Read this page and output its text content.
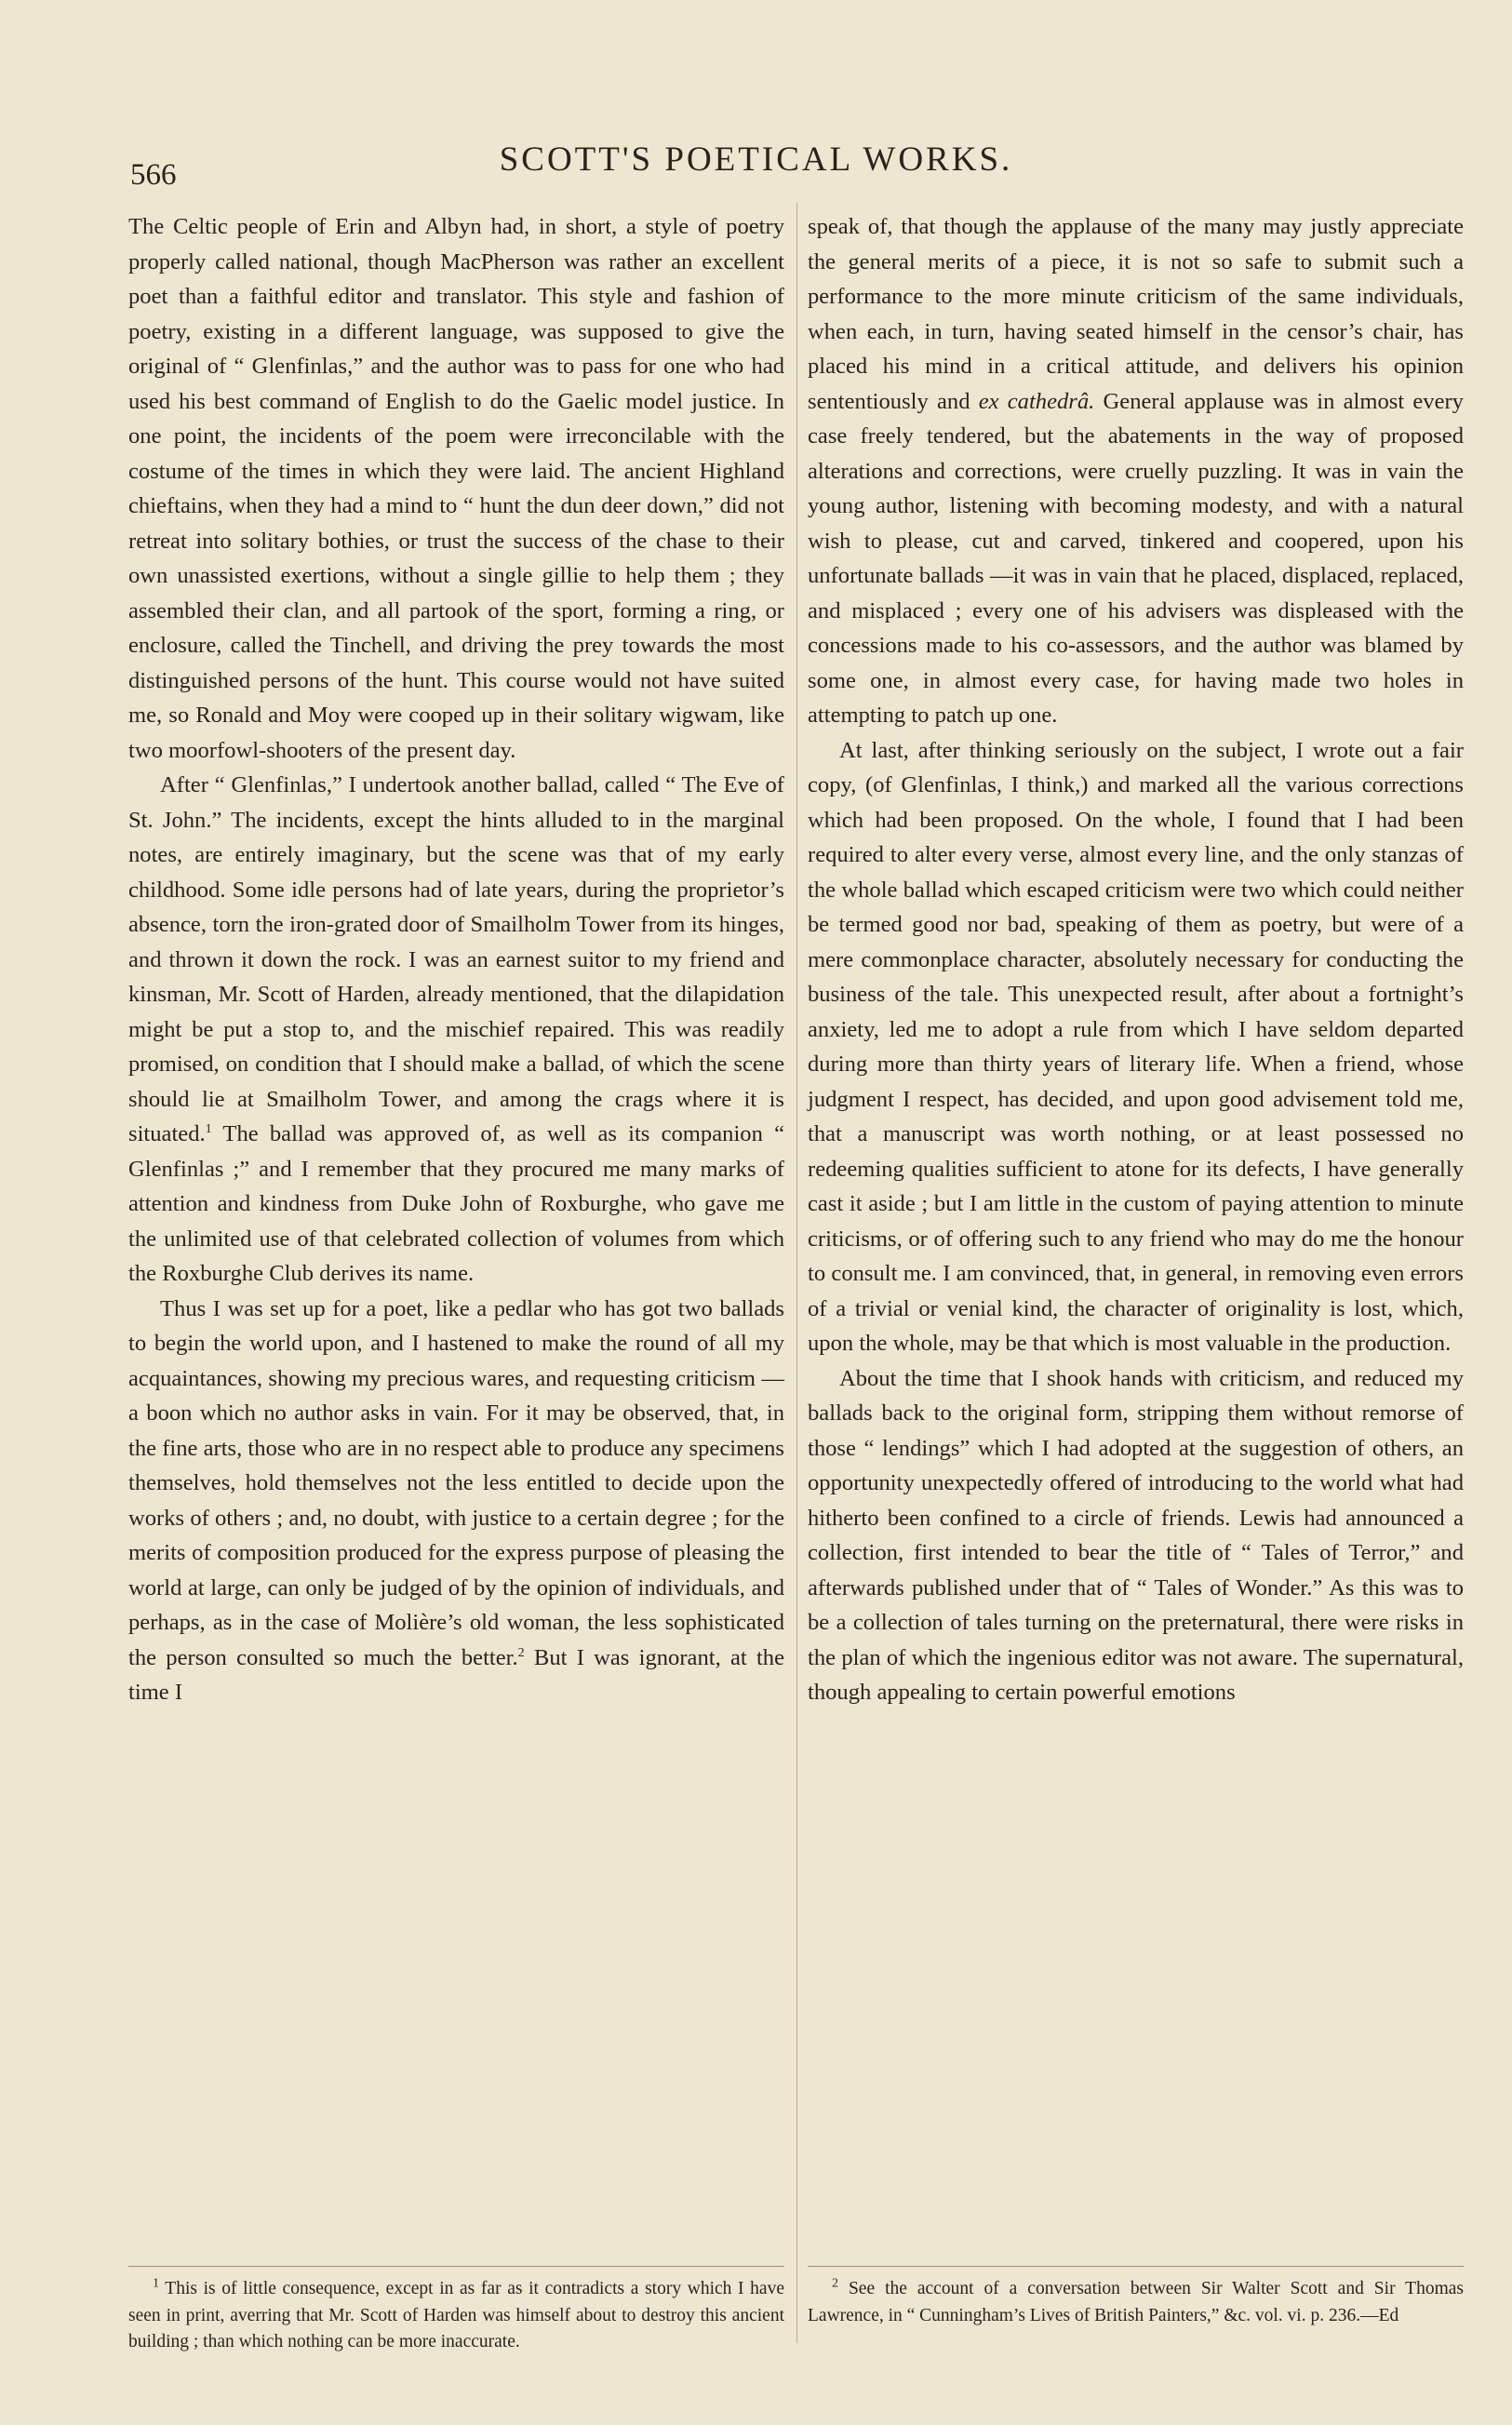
566	SCOTT'S POETICAL WORKS.

The Celtic people of Erin and Albyn had, in short, a style of poetry properly called national, though MacPherson was rather an excellent poet than a faithful editor and translator. This style and fashion of poetry, existing in a different language, was supposed to give the original of “ Glenfinlas,” and the author was to pass for one who had used his best command of English to do the Gaelic model justice. In one point, the incidents of the poem were irreconcilable with the costume of the times in which they were laid. The ancient Highland chieftains, when they had a mind to “ hunt the dun deer down,” did not retreat into solitary bothies, or trust the success of the chase to their own unassisted exertions, without a single gillie to help them ; they assembled their clan, and all partook of the sport, forming a ring, or enclosure, called the Tinchell, and driving the prey towards the most distinguished persons of the hunt. This course would not have suited me, so Ronald and Moy were cooped up in their solitary wigwam, like two moorfowl-shooters of the present day.

After “ Glenfinlas,” I undertook another ballad, called “ The Eve of St. John.” The incidents, except the hints alluded to in the marginal notes, are entirely imaginary, but the scene was that of my early childhood. Some idle persons had of late years, during the proprietor’s absence, torn the iron-grated door of Smailholm Tower from its hinges, and thrown it down the rock. I was an earnest suitor to my friend and kinsman, Mr. Scott of Harden, already mentioned, that the dilapidation might be put a stop to, and the mischief repaired. This was readily promised, on condition that I should make a ballad, of which the scene should lie at Smailholm Tower, and among the crags where it is situated.$^1$ The ballad was approved of, as well as its companion “ Glenfinlas ;” and I remember that they procured me many marks of attention and kindness from Duke John of Roxburghe, who gave me the unlimited use of that celebrated collection of volumes from which the Roxburghe Club derives its name.

Thus I was set up for a poet, like a pedlar who has got two ballads to begin the world upon, and I hastened to make the round of all my acquaintances, showing my precious wares, and requesting criticism —a boon which no author asks in vain. For it may be observed, that, in the fine arts, those who are in no respect able to produce any specimens themselves, hold themselves not the less entitled to decide upon the works of others ; and, no doubt, with justice to a certain degree ; for the merits of composition produced for the express purpose of pleasing the world at large, can only be judged of by the opinion of individuals, and perhaps, as in the case of Molière’s old woman, the less sophisticated the person consulted so much the better.$^2$ But I was ignorant, at the time I

speak of, that though the applause of the many may justly appreciate the general merits of a piece, it is not so safe to submit such a performance to the more minute criticism of the same individuals, when each, in turn, having seated himself in the censor’s chair, has placed his mind in a critical attitude, and delivers his opinion sententiously and ex cathedrâ. General applause was in almost every case freely tendered, but the abatements in the way of proposed alterations and corrections, were cruelly puzzling. It was in vain the young author, listening with becoming modesty, and with a natural wish to please, cut and carved, tinkered and coopered, upon his unfortunate ballads —it was in vain that he placed, displaced, replaced, and misplaced ; every one of his advisers was displeased with the concessions made to his co-assessors, and the author was blamed by some one, in almost every case, for having made two holes in attempting to patch up one.

At last, after thinking seriously on the subject, I wrote out a fair copy, (of Glenfinlas, I think,) and marked all the various corrections which had been proposed. On the whole, I found that I had been required to alter every verse, almost every line, and the only stanzas of the whole ballad which escaped criticism were two which could neither be termed good nor bad, speaking of them as poetry, but were of a mere commonplace character, absolutely necessary for conducting the business of the tale. This unexpected result, after about a fortnight’s anxiety, led me to adopt a rule from which I have seldom departed during more than thirty years of literary life. When a friend, whose judgment I respect, has decided, and upon good advisement told me, that a manuscript was worth nothing, or at least possessed no redeeming qualities sufficient to atone for its defects, I have generally cast it aside ; but I am little in the custom of paying attention to minute criticisms, or of offering such to any friend who may do me the honour to consult me. I am convinced, that, in general, in removing even errors of a trivial or venial kind, the character of originality is lost, which, upon the whole, may be that which is most valuable in the production.

About the time that I shook hands with criticism, and reduced my ballads back to the original form, stripping them without remorse of those “ lendings” which I had adopted at the suggestion of others, an opportunity unexpectedly offered of introducing to the world what had hitherto been confined to a circle of friends. Lewis had announced a collection, first intended to bear the title of “ Tales of Terror,” and afterwards published under that of “ Tales of Wonder.” As this was to be a collection of tales turning on the preternatural, there were risks in the plan of which the ingenious editor was not aware. The supernatural, though appealing to certain powerful emotions

$^1$ This is of little consequence, except in as far as it contradicts a story which I have seen in print, averring that Mr. Scott of Harden was himself about to destroy this ancient building ; than which nothing can be more inaccurate.

$^2$ See the account of a conversation between Sir Walter Scott and Sir Thomas Lawrence, in “ Cunningham’s Lives of British Painters,” &c. vol. vi. p. 236.—Ed
